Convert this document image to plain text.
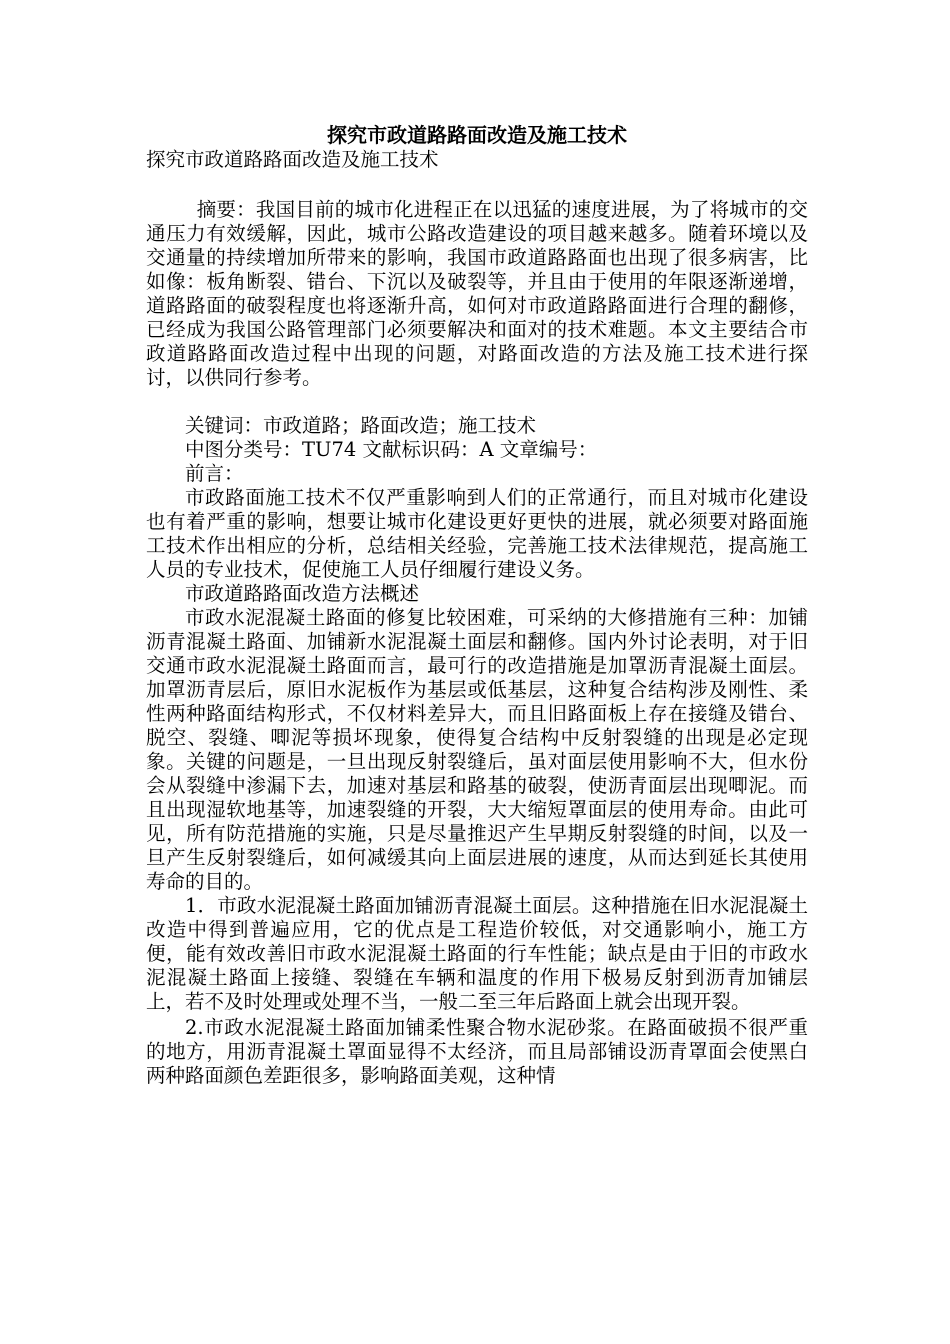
探究市政道路路面改造及施工技术

探究市政道路路面改造及施工技术

摘要：我国目前的城市化进程正在以迅猛的速度进展，为了将城市的交通压力有效缓解，因此，城市公路改造建设的项目越来越多。随着环境以及交通量的持续增加所带来的影响，我国市政道路路面也出现了很多病害，比如像：板角断裂、错台、下沉以及破裂等，并且由于使用的年限逐渐递增，道路路面的破裂程度也将逐渐升高，如何对市政道路路面进行合理的翻修，已经成为我国公路管理部门必须要解决和面对的技术难题。本文主要结合市政道路路面改造过程中出现的问题，对路面改造的方法及施工技术进行探讨，以供同行参考。

关键词：市政道路；路面改造；施工技术

中图分类号：TU74 文献标识码：A 文章编号：

前言：

市政路面施工技术不仅严重影响到人们的正常通行，而且对城市化建设也有着严重的影响，想要让城市化建设更好更快的进展，就必须要对路面施工技术作出相应的分析，总结相关经验，完善施工技术法律规范，提高施工人员的专业技术，促使施工人员仔细履行建设义务。

市政道路路面改造方法概述

市政水泥混凝土路面的修复比较困难，可采纳的大修措施有三种：加铺沥青混凝土路面、加铺新水泥混凝土面层和翻修。国内外讨论表明，对于旧交通市政水泥混凝土路面而言，最可行的改造措施是加罩沥青混凝土面层。加罩沥青层后，原旧水泥板作为基层或低基层，这种复合结构涉及刚性、柔性两种路面结构形式，不仅材料差异大，而且旧路面板上存在接缝及错台、脱空、裂缝、唧泥等损坏现象，使得复合结构中反射裂缝的出现是必定现象。关键的问题是，一旦出现反射裂缝后，虽对面层使用影响不大，但水份会从裂缝中渗漏下去，加速对基层和路基的破裂，使沥青面层出现唧泥。而且出现湿软地基等，加速裂缝的开裂，大大缩短罩面层的使用寿命。由此可见，所有防范措施的实施，只是尽量推迟产生早期反射裂缝的时间，以及一旦产生反射裂缝后，如何减缓其向上面层进展的速度，从而达到延长其使用寿命的目的。

1．市政水泥混凝土路面加铺沥青混凝土面层。这种措施在旧水泥混凝土改造中得到普遍应用，它的优点是工程造价较低，对交通影响小，施工方便，能有效改善旧市政水泥混凝土路面的行车性能；缺点是由于旧的市政水泥混凝土路面上接缝、裂缝在车辆和温度的作用下极易反射到沥青加铺层上，若不及时处理或处理不当，一般二至三年后路面上就会出现开裂。

2.市政水泥混凝土路面加铺柔性聚合物水泥砂浆。在路面破损不很严重的地方，用沥青混凝土罩面显得不太经济，而且局部铺设沥青罩面会使黑白两种路面颜色差距很多，影响路面美观，这种情
